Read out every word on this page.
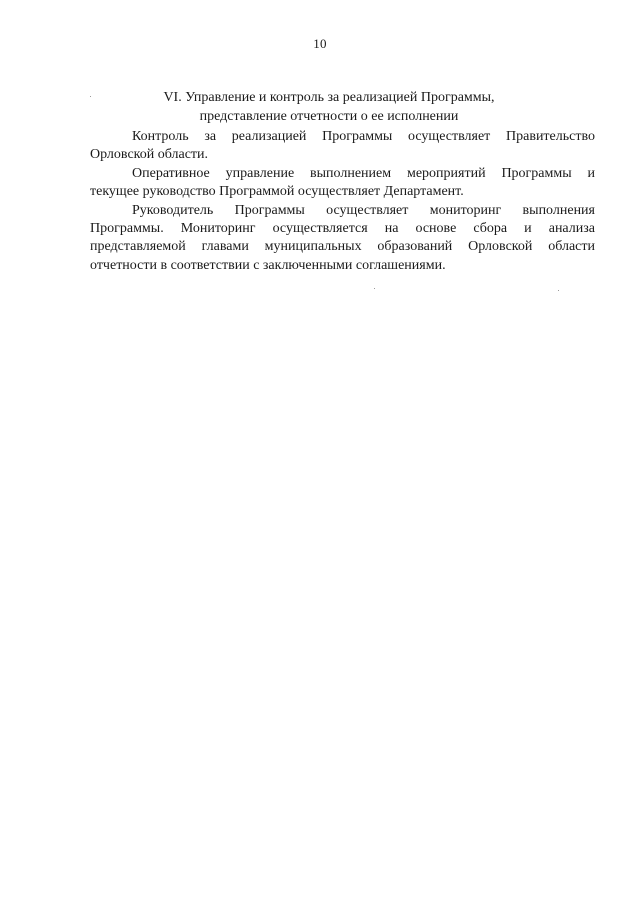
10
VI. Управление и контроль за реализацией Программы,
представление отчетности о ее исполнении

Контроль за реализацией Программы осуществляет Правительство
Орловской области.

Оперативное управление выполнением мероприятий Программы и
текущее руководство Программой осуществляет Департамент.

Руководитель Программы осуществляет мониторинг выполнения
Программы. Мониторинг осуществляется на основе сбора и анализа
представляемой главами муниципальных образований Орловской области
отчетности в соответствии с заключенными соглашениями.
